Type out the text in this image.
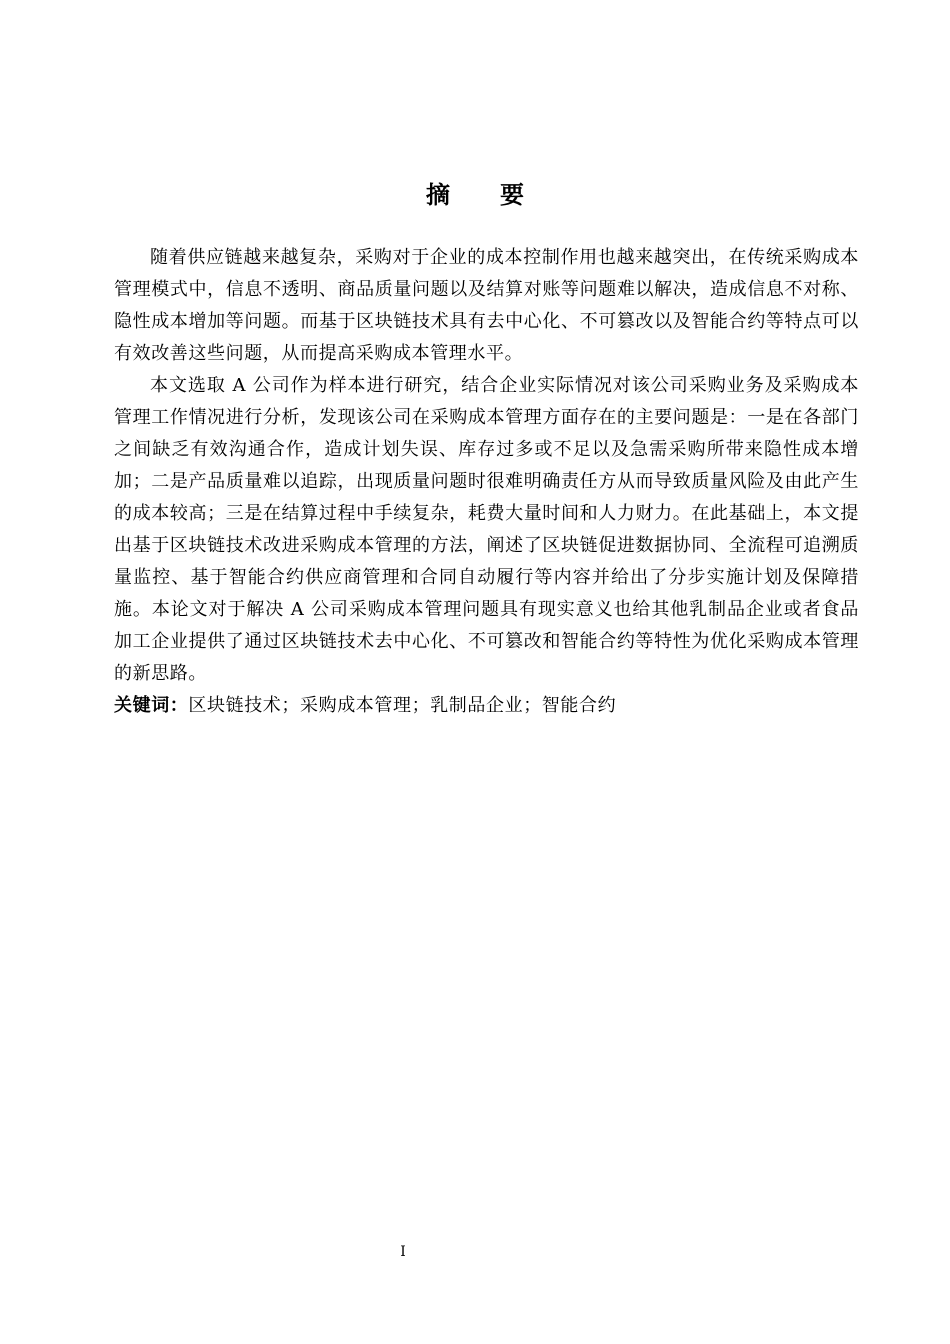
摘要

随着供应链越来越复杂，采购对于企业的成本控制作用也越来越突出，在传统采购成本管理模式中，信息不透明、商品质量问题以及结算对账等问题难以解决，造成信息不对称、隐性成本增加等问题。而基于区块链技术具有去中心化、不可篡改以及智能合约等特点可以有效改善这些问题，从而提高采购成本管理水平。

本文选取 A 公司作为样本进行研究，结合企业实际情况对该公司采购业务及采购成本管理工作情况进行分析，发现该公司在采购成本管理方面存在的主要问题是：一是在各部门之间缺乏有效沟通合作，造成计划失误、库存过多或不足以及急需采购所带来隐性成本增加；二是产品质量难以追踪，出现质量问题时很难明确责任方从而导致质量风险及由此产生的成本较高；三是在结算过程中手续复杂，耗费大量时间和人力财力。在此基础上，本文提出基于区块链技术改进采购成本管理的方法，阐述了区块链促进数据协同、全流程可追溯质量监控、基于智能合约供应商管理和合同自动履行等内容并给出了分步实施计划及保障措施。本论文对于解决 A 公司采购成本管理问题具有现实意义也给其他乳制品企业或者食品加工企业提供了通过区块链技术去中心化、不可篡改和智能合约等特性为优化采购成本管理的新思路。

关键词：区块链技术；采购成本管理；乳制品企业；智能合约

I
